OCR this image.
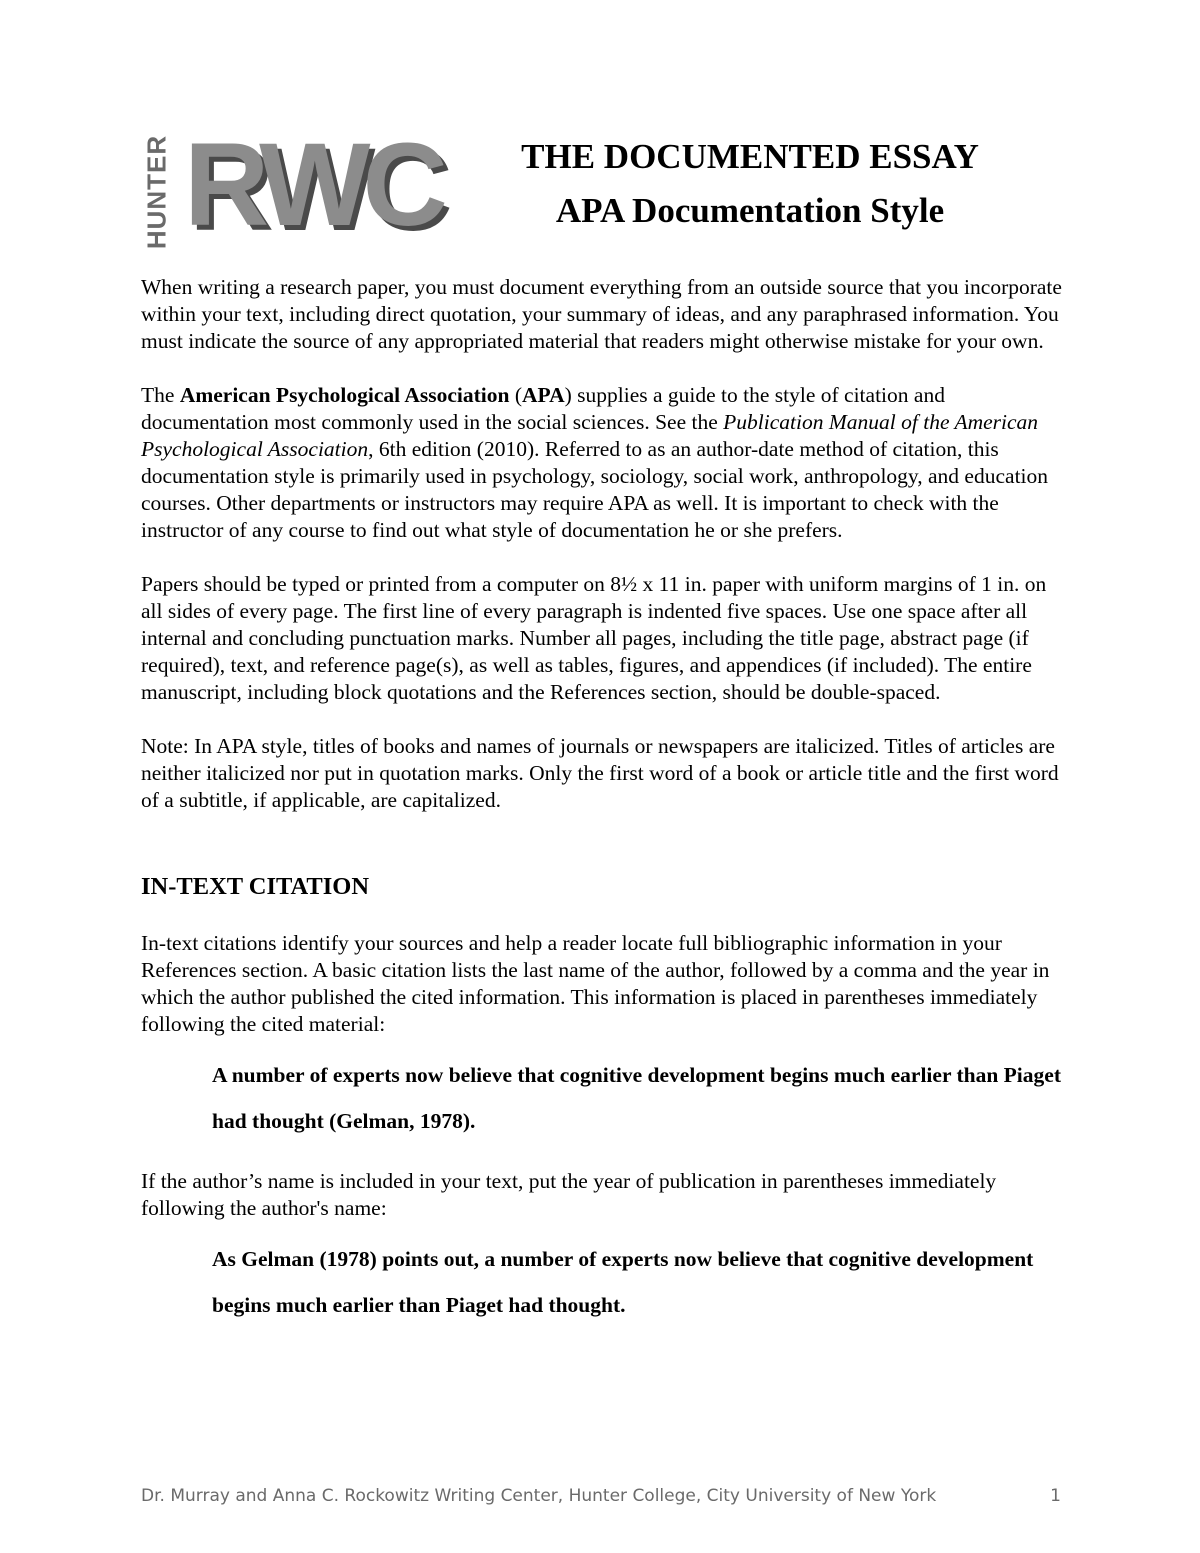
HUNTER RWC	THE DOCUMENTED ESSAY

APA Documentation Style

When writing a research paper, you must document everything from an outside source that you incorporate within your text, including direct quotation, your summary of ideas, and any paraphrased information. You must indicate the source of any appropriated material that readers might otherwise mistake for your own.

The American Psychological Association (APA) supplies a guide to the style of citation and documentation most commonly used in the social sciences. See the Publication Manual of the American Psychological Association, 6th edition (2010). Referred to as an author-date method of citation, this documentation style is primarily used in psychology, sociology, social work, anthropology, and education courses. Other departments or instructors may require APA as well. It is important to check with the instructor of any course to find out what style of documentation he or she prefers.

Papers should be typed or printed from a computer on 8½ x 11 in. paper with uniform margins of 1 in. on all sides of every page. The first line of every paragraph is indented five spaces. Use one space after all internal and concluding punctuation marks. Number all pages, including the title page, abstract page (if required), text, and reference page(s), as well as tables, figures, and appendices (if included). The entire manuscript, including block quotations and the References section, should be double-spaced.

Note: In APA style, titles of books and names of journals or newspapers are italicized. Titles of articles are neither italicized nor put in quotation marks. Only the first word of a book or article title and the first word of a subtitle, if applicable, are capitalized.

IN-TEXT CITATION

In-text citations identify your sources and help a reader locate full bibliographic information in your References section. A basic citation lists the last name of the author, followed by a comma and the year in which the author published the cited information. This information is placed in parentheses immediately following the cited material:

A number of experts now believe that cognitive development begins much earlier than Piaget had thought (Gelman, 1978).

If the author’s name is included in your text, put the year of publication in parentheses immediately following the author's name:

As Gelman (1978) points out, a number of experts now believe that cognitive development begins much earlier than Piaget had thought.

Dr. Murray and Anna C. Rockowitz Writing Center, Hunter College, City University of New York	1
